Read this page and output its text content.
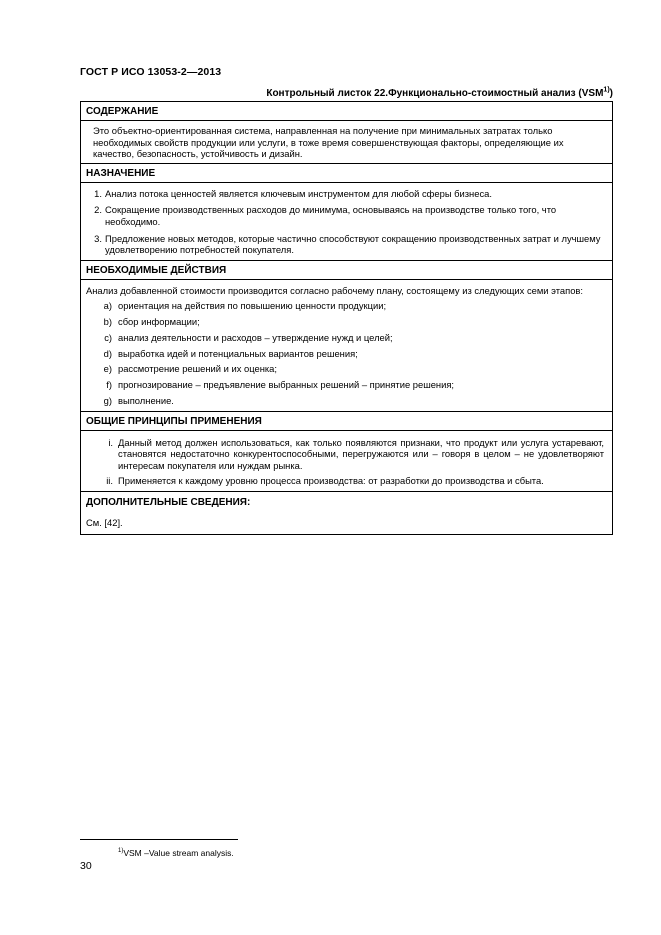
ГОСТ Р ИСО 13053-2—2013
Контрольный листок 22.Функционально-стоимостный анализ (VSM$^{1)}$)
СОДЕРЖАНИЕ

Это объектно-ориентированная система, направленная на получение при минимальных затратах только необходимых свойств продукции или услуги, в тоже время совершенствующая факторы, определяющие их качество, безопасность, устойчивость и дизайн.

НАЗНАЧЕНИЕ
1. Анализ потока ценностей является ключевым инструментом для любой сферы бизнеса.
2. Сокращение производственных расходов до минимума, основываясь на производстве только того, что необходимо.
3. Предложение новых методов, которые частично способствуют сокращению производственных затрат и лучшему удовлетворению потребностей покупателя.
НЕОБХОДИМЫЕ ДЕЙСТВИЯ

Анализ добавленной стоимости производится согласно рабочему плану, состоящему из следующих семи этапов:

a) ориентация на действия по повышению ценности продукции;
b) сбор информации;
c) анализ деятельности и расходов – утверждение нужд и целей;
d) выработка идей и потенциальных вариантов решения;
e) рассмотрение решений и их оценка;
f) прогнозирование – предъявление выбранных решений – принятие решения;
g) выполнение.
ОБЩИЕ ПРИНЦИПЫ ПРИМЕНЕНИЯ
i. Данный метод должен использоваться, как только появляются признаки, что продукт или услуга устаревают, становятся недостаточно конкурентоспособными, перегружаются или – говоря в целом – не удовлетворяют интересам покупателя или нуждам рынка.
ii. Применяется к каждому уровню процесса производства: от разработки до производства и сбыта.
ДОПОЛНИТЕЛЬНЫЕ СВЕДЕНИЯ:
См. [42].
$^{1)}$VSM –Value stream analysis.
30
